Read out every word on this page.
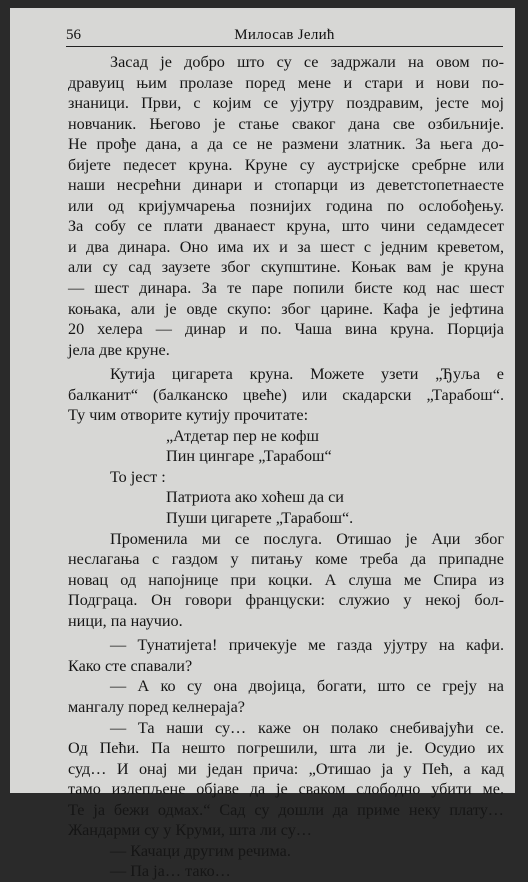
56	Милосав Јелић

Засад је добро што су се задржали на овом по-
дравуиц њим пролазе поред мене и стари и нови по-
знаници. Први, с којим се ујутру поздравим, јесте мој
новчаник. Његово је стање сваког дана све озбиљније.
Не прође дана, а да се не размени златник. За њега до-
бијете педесет круна. Круне су аустријске сребрне или
наши несрећни динари и стопарци из деветстопетнаесте
или од кријумчарења познијих година по ослобођењу.
За собу се плати дванаест круна, што чини седамдесет
и два динара. Оно има их и за шест с једним креветом,
али су сад заузете због скупштине. Коњак вам је круна
— шест динара. За те паре попили бисте код нас шест
коњака, али је овде скупо: због царине. Кафа је јефтина
20 хелера — динар и по. Чаша вина круна. Порција
јела две круне.

Кутија цигарета круна. Можете узети „Ђуља е
балканит“ (балканско цвеће) или скадарски „Тарабош“.
Ту чим отворите кутију прочитате:

„Атдетар пер не кофш
Пин цингаре „Тарабош“
То јест :
Патриота ако хоћеш да си
Пуши цигарете „Тарабош“.

Променила ми се послуга. Отишао је Аџи због
неслагања с газдом у питању коме треба да припадне
новац од напојнице при коцки. А слуша ме Спира из
Подграца. Он говори француски: служио у некој бол-
ници, па научио.

— Тунатијета! причекује ме газда ујутру на кафи.
Како сте спавали?

— А ко су она двојица, богати, што се греју на
мангалу поред келнераја?

— Та наши су… каже он полако снебивајући се.
Од Пећи. Па нешто погрешили, шта ли је. Осудио их
суд… И онај ми један прича: „Отишао ја у Пећ, а кад
тамо излепљене објаве да је сваком слободно убити ме.
Те ја бежи одмах.“ Сад су дошли да приме неку плату…
Жандарми су у Круми, шта ли су…

— Качаци другим речима.

— Па ја… тако…
